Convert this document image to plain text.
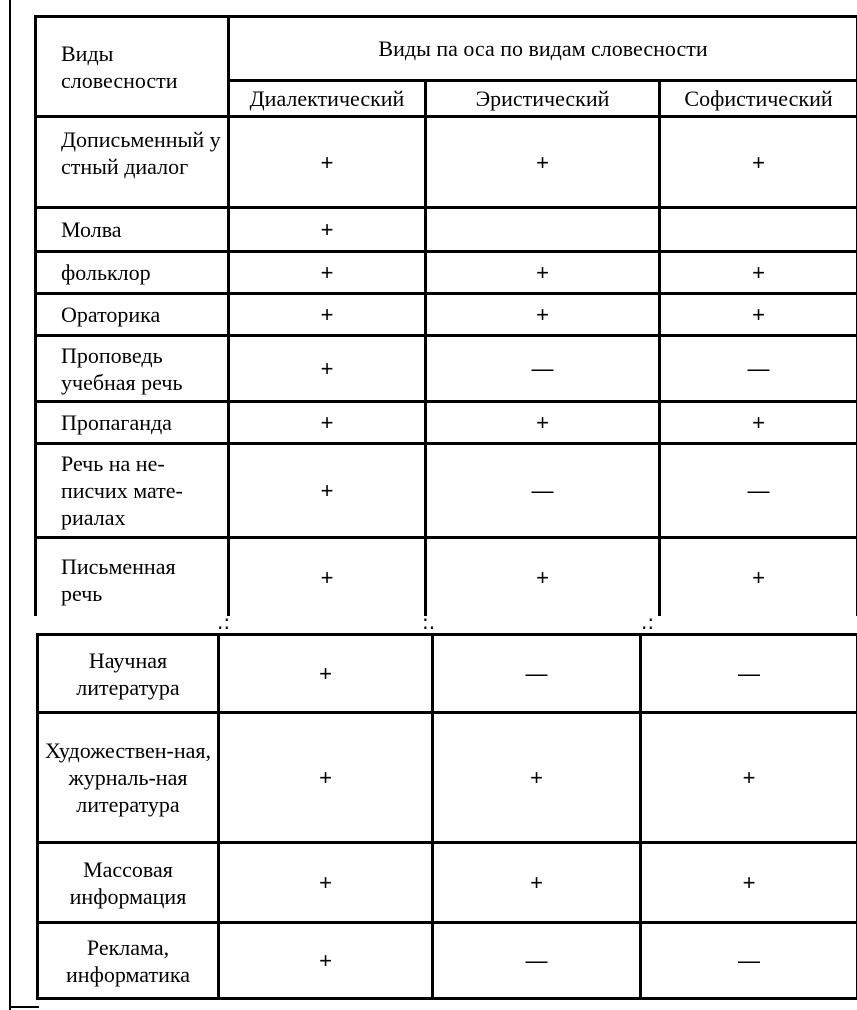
Виды словесности	Виды па оса по видам словесности		
	Диалектический	Эристический	Софистический

Дописьменный устный диалог	+	+	+
Молва	+		
фольклор	+	+	+
Ораторика	+	+	+

Проповедь учебная речь	+	—	—
Пропаганда	+	+	+

Речь на не-писчих мате-риалах	+	—	—

Письменная речь	+	+	+
.:	:.	.:
Научная литература	+	—	—

Художествен-ная, журналь-ная литература	+	+	+

Массовая информация	+	+	+

Реклама, информатика	+	—	—
